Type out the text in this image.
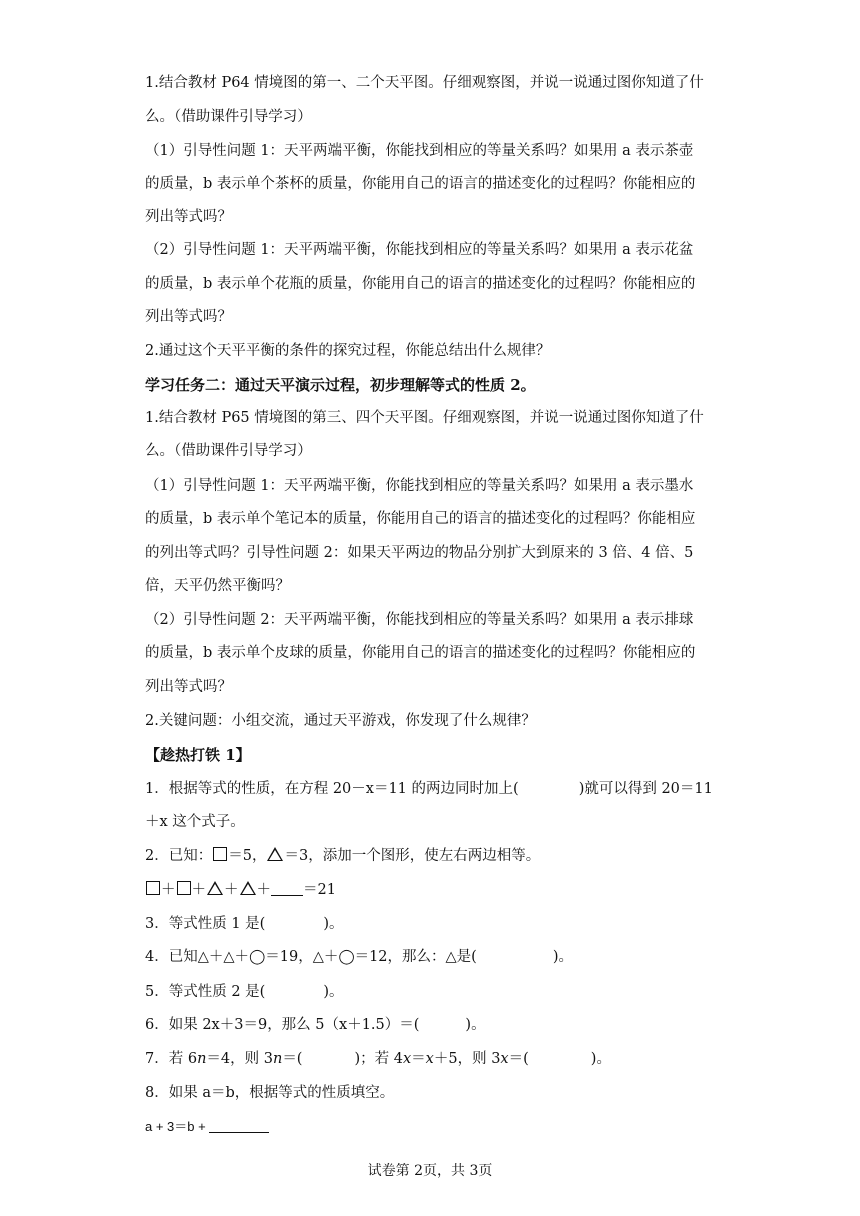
1.结合教材 P64 情境图的第一、二个天平图。仔细观察图，并说一说通过图你知道了什
么。（借助课件引导学习）
（1）引导性问题 1：天平两端平衡，你能找到相应的等量关系吗？如果用 a 表示茶壶
的质量，b 表示单个茶杯的质量，你能用自己的语言的描述变化的过程吗？你能相应的
列出等式吗？
（2）引导性问题 1：天平两端平衡，你能找到相应的等量关系吗？如果用 a 表示花盆
的质量，b 表示单个花瓶的质量，你能用自己的语言的描述变化的过程吗？你能相应的
列出等式吗？
2.通过这个天平平衡的条件的探究过程，你能总结出什么规律？
学习任务二：通过天平演示过程，初步理解等式的性质 2。
1.结合教材 P65 情境图的第三、四个天平图。仔细观察图，并说一说通过图你知道了什
么。（借助课件引导学习）
（1）引导性问题 1：天平两端平衡，你能找到相应的等量关系吗？如果用 a 表示墨水
的质量，b 表示单个笔记本的质量，你能用自己的语言的描述变化的过程吗？你能相应
的列出等式吗？引导性问题 2：如果天平两边的物品分别扩大到原来的 3 倍、4 倍、5
倍，天平仍然平衡吗？
（2）引导性问题 2：天平两端平衡，你能找到相应的等量关系吗？如果用 a 表示排球
的质量，b 表示单个皮球的质量，你能用自己的语言的描述变化的过程吗？你能相应的
列出等式吗？
2.关键问题：小组交流，通过天平游戏，你发现了什么规律？
【趁热打铁 1】
1．根据等式的性质，在方程 20－x＝11 的两边同时加上(	)就可以得到 20＝11
＋x 这个式子。
2．已知： ＝5， ＝3，添加一个图形，使左右两边相等。
＋ ＋ ＋ ＋ ＝21
3．等式性质 1 是(	)。
4．已知△＋△＋◯＝19，△＋◯＝12，那么：△是(	)。
5．等式性质 2 是(	)。
6．如果 2x＋3＝9，那么 5（x＋1.5）＝(	)。
7．若 6n＝4，则 3n＝(	)；若 4x＝x＋5，则 3x＝(	)。
8．如果 a＝b，根据等式的性质填空。
a + 3＝b +
试卷第 2页，共 3页
